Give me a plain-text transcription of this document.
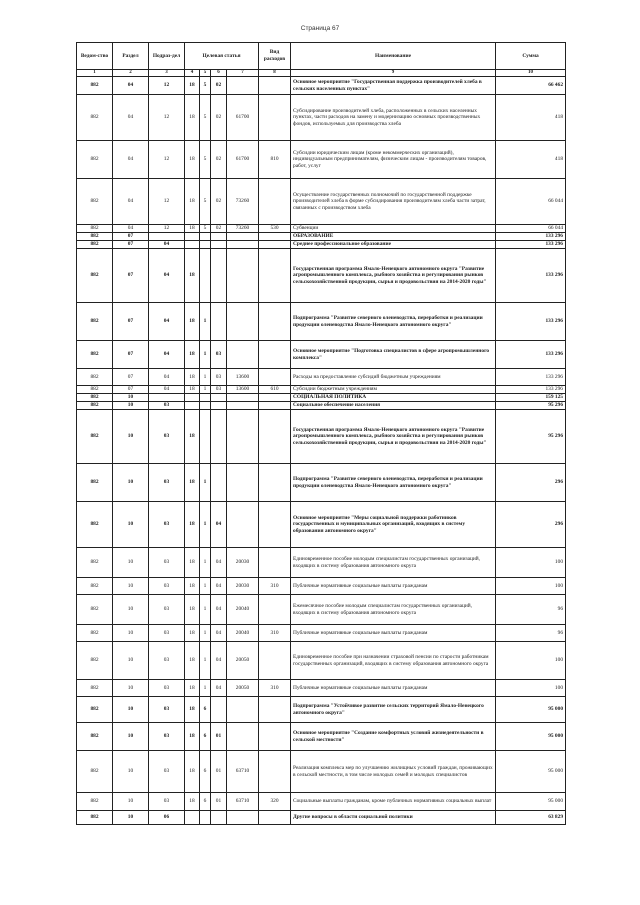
Страница 67
Ведом-ство	Раздел	Подраз-дел	Целевая статья				Вид расходов	Наименование	Сумма
1	2	3	4	5	6	7	8	9	10
882	04	12	18	5	02			Основное мероприятие "Государственная поддержка производителей хлеба в сельских населенных пунктах"	66 462
882	04	12	18	5	02	61700		Субсидирование производителей хлеба, расположенных в сельских населенных пунктах, части расходов на замену и модернизацию основных производственных фондов, используемых для производства хлеба	418
882	04	12	18	5	02	61700	810	Субсидии юридическим лицам (кроме некоммерческих организаций), индивидуальным предпринимателям, физическим лицам - производителям товаров, работ, услуг	418
882	04	12	18	5	02	73260		Осуществление государственных полномочий по государственной поддержке производителей хлеба в форме субсидирования производителям хлеба части затрат, связанных с производством хлеба	66 044
882	04	12	18	5	02	73260	530	Субвенции	66 044
882	07							ОБРАЗОВАНИЕ	133 296
882	07	04						Среднее профессиональное образование	133 296
882	07	04	18					Государственная программа Ямало-Ненецкого автономного округа "Развитие агропромышленного комплекса, рыбного хозяйства и регулирования рынков сельскохозяйственной продукции, сырья и продовольствия на 2014-2020 годы"	133 296
882	07	04	18	1				Подпрограмма "Развитие северного оленеводства, переработки и реализации продукции оленеводства Ямало-Ненецкого автономного округа"	133 296
882	07	04	18	1	03			Основное мероприятие "Подготовка специалистов в сфере агропромышленного комплекса"	133 296
882	07	04	18	1	03	13600		Расходы на предоставление субсидий бюджетным учреждениям	133 296
882	07	04	18	1	03	13600	610	Субсидии бюджетным учреждениям	133 296
882	10							СОЦИАЛЬНАЯ ПОЛИТИКА	159 125
882	10	03						Социальное обеспечение населения	95 296
882	10	03	18					Государственная программа Ямало-Ненецкого автономного округа "Развитие агропромышленного комплекса, рыбного хозяйства и регулирования рынков сельскохозяйственной продукции, сырья и продовольствия на 2014-2020 годы"	95 296
882	10	03	18	1				Подпрограмма "Развитие северного оленеводства, переработки и реализации продукции оленеводства Ямало-Ненецкого автономного округа"	296
882	10	03	18	1	04			Основное мероприятие "Меры социальной поддержки работников государственных и муниципальных организаций, входящих в систему образования автономного округа"	296
882	10	03	18	1	04	20030		Единовременное пособие молодым специалистам государственных организаций, входящих в систему образования автономного округа	100
882	10	03	18	1	04	20030	310	Публичные нормативные социальные выплаты гражданам	100
882	10	03	18	1	04	20040		Ежемесячное пособие молодым специалистам государственных организаций, входящих в систему образования автономного округа	96
882	10	03	18	1	04	20040	310	Публичные нормативные социальные выплаты гражданам	96
882	10	03	18	1	04	20050		Единовременное пособие при назначении страховой пенсии по старости работникам государственных организаций, входящих в систему образования автономного округа	100
882	10	03	18	1	04	20050	310	Публичные нормативные социальные выплаты гражданам	100
882	10	03	18	6				Подпрограмма "Устойчивое развитие сельских территорий Ямало-Ненецкого автономного округа"	95 000
882	10	03	18	6	01			Основное мероприятие "Создание комфортных условий жизнедеятельности в сельской местности"	95 000
882	10	03	18	6	01	63710		Реализация комплекса мер по улучшению жилищных условий граждан, проживающих в сельской местности, в том числе молодых семей и молодых специалистов	95 000
882	10	03	18	6	01	63710	320	Социальные выплаты гражданам, кроме публичных нормативных социальных выплат	95 000
882	10	06						Другие вопросы в области социальной политики	63 829
